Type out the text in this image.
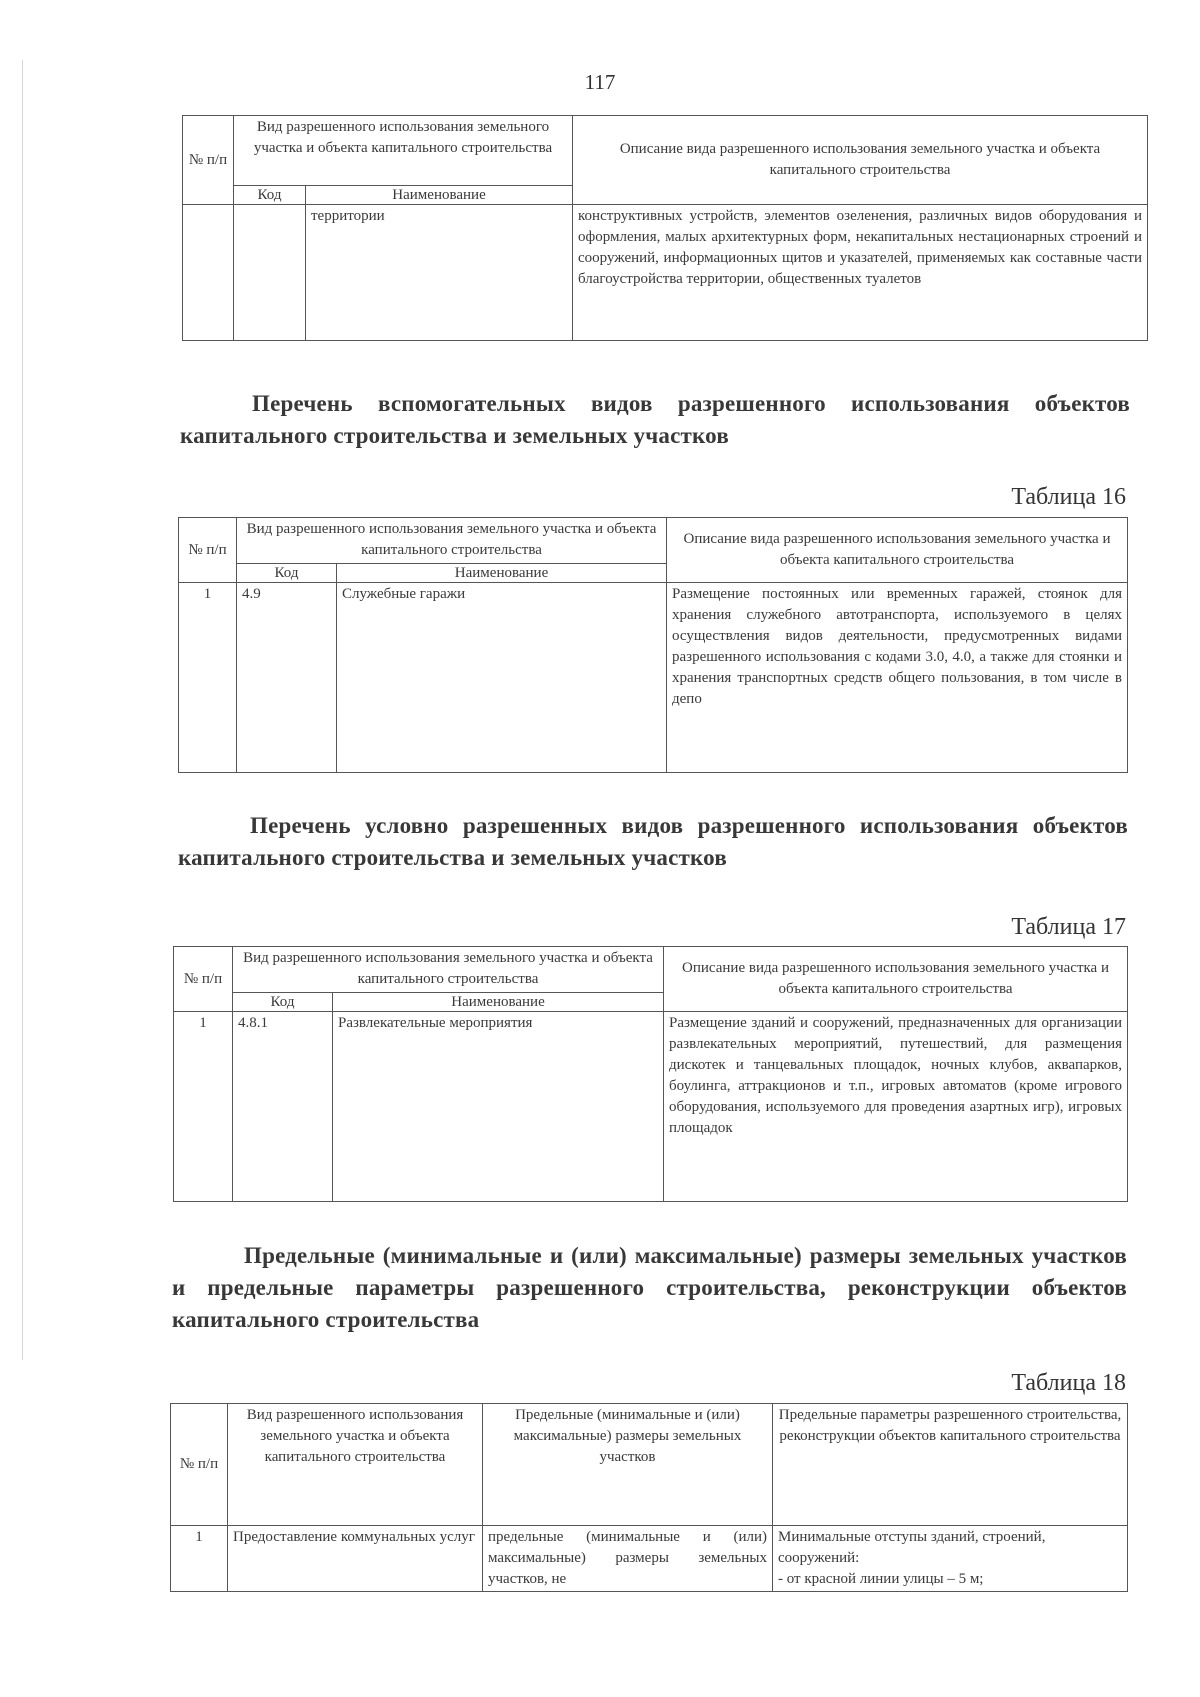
117
№ п/п	Вид разрешенного использования земельного участка и объекта капитального строительства		Описание вида разрешенного использования земельного участка и объекта капитального строительства
	Код	Наименование	
		территории	конструктивных устройств, элементов озеленения, различных видов оборудования и оформления, малых архитектурных форм, некапитальных нестационарных строений и сооружений, информационных щитов и указателей, применяемых как составные части благоустройства территории, общественных туалетов
Перечень вспомогательных видов разрешенного использования объектов капитального строительства и земельных участков
Таблица 16
№ п/п	Вид разрешенного использования земельного участка и объекта капитального строительства		Описание вида разрешенного использования земельного участка и объекта капитального строительства
	Код	Наименование	
1	4.9	Служебные гаражи	Размещение постоянных или временных гаражей, стоянок для хранения служебного автотранспорта, используемого в целях осуществления видов деятельности, предусмотренных видами разрешенного использования с кодами 3.0, 4.0, а также для стоянки и хранения транспортных средств общего пользования, в том числе в депо
Перечень условно разрешенных видов разрешенного использования объектов капитального строительства и земельных участков
Таблица 17
№ п/п	Вид разрешенного использования земельного участка и объекта капитального строительства		Описание вида разрешенного использования земельного участка и объекта капитального строительства
	Код	Наименование	
1	4.8.1	Развлекательные мероприятия	Размещение зданий и сооружений, предназначенных для организации развлекательных мероприятий, путешествий, для размещения дискотек и танцевальных площадок, ночных клубов, аквапарков, боулинга, аттракционов и т.п., игровых автоматов (кроме игрового оборудования, используемого для проведения азартных игр), игровых площадок
Предельные (минимальные и (или) максимальные) размеры земельных участков и предельные параметры разрешенного строительства, реконструкции объектов капитального строительства
Таблица 18
№ п/п	Вид разрешенного использования земельного участка и объекта капитального строительства	Предельные (минимальные и (или) максимальные) размеры земельных участков	Предельные параметры разрешенного строительства, реконструкции объектов капитального строительства
1	Предоставление коммунальных услуг	предельные (минимальные и (или) максимальные) размеры земельных участков, не	Минимальные отступы зданий, строений, сооружений:
- от красной линии улицы – 5 м;
